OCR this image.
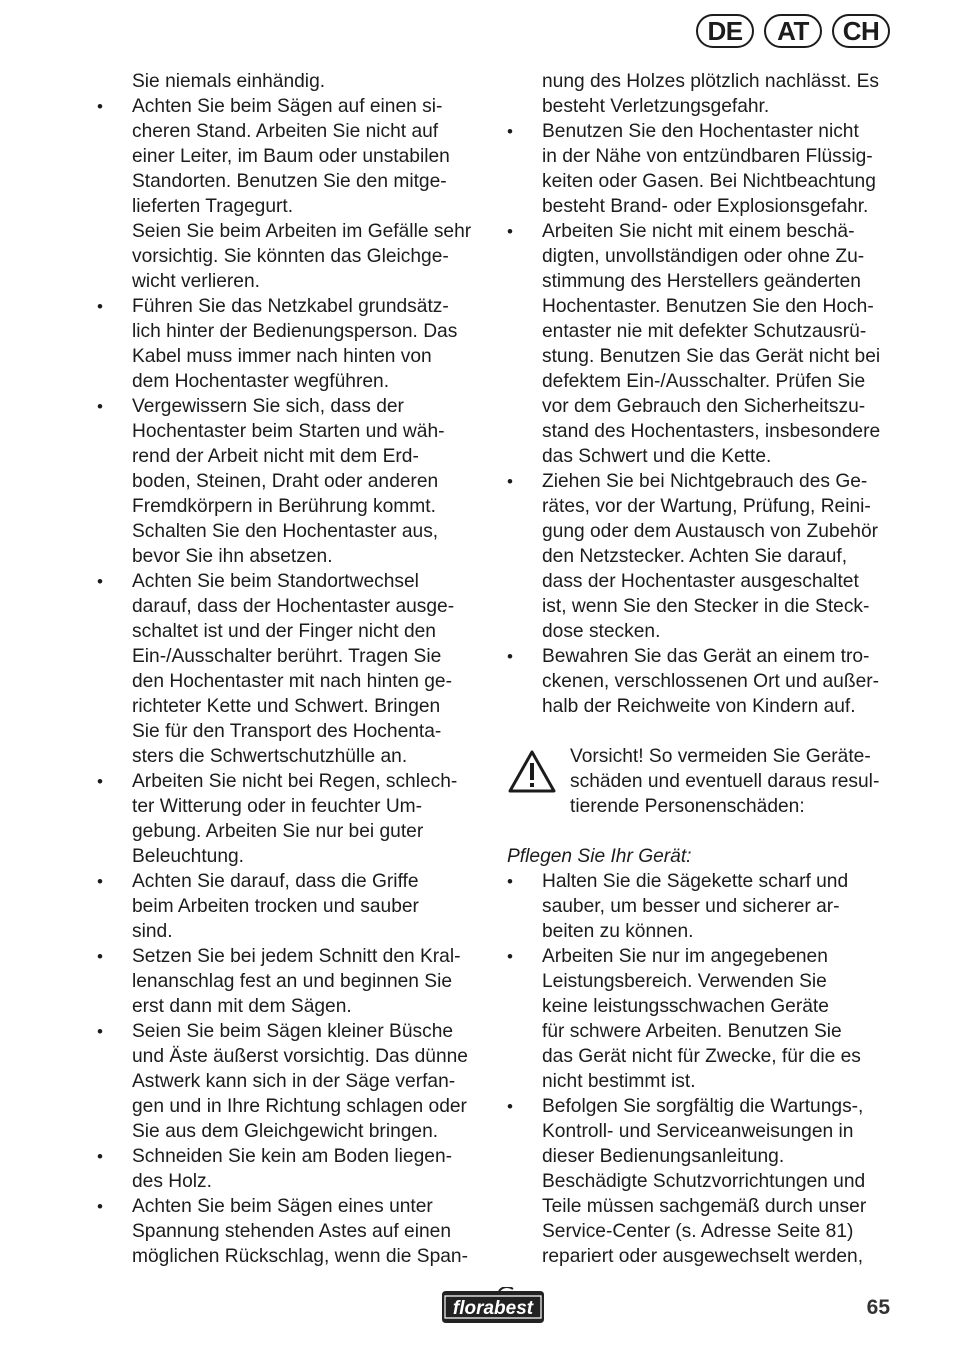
DE	AT	CH
Sie niemals einhändig.
• Achten Sie beim Sägen auf einen si-
cheren Stand. Arbeiten Sie nicht auf
einer Leiter, im Baum oder unstabilen
Standorten. Benutzen Sie den mitge-
lieferten Tragegurt.
Seien Sie beim Arbeiten im Gefälle sehr
vorsichtig. Sie könnten das Gleichge-
wicht verlieren.
• Führen Sie das Netzkabel grundsätz-
lich hinter der Bedienungsperson. Das
Kabel muss immer nach hinten von
dem Hochentaster wegführen.
• Vergewissern Sie sich, dass der
Hochentaster beim Starten und wäh-
rend der Arbeit nicht mit dem Erd-
boden, Steinen, Draht oder anderen
Fremdkörpern in Berührung kommt.
Schalten Sie den Hochentaster aus,
bevor Sie ihn absetzen.
• Achten Sie beim Standortwechsel
darauf, dass der Hochentaster ausge-
schaltet ist und der Finger nicht den
Ein-/Ausschalter berührt. Tragen Sie
den Hochentaster mit nach hinten ge-
richteter Kette und Schwert. Bringen
Sie für den Transport des Hochenta-
sters die Schwertschutzhülle an.
• Arbeiten Sie nicht bei Regen, schlech-
ter Witterung oder in feuchter Um-
gebung. Arbeiten Sie nur bei guter
Beleuchtung.
• Achten Sie darauf, dass die Griffe
beim Arbeiten trocken und sauber
sind.
• Setzen Sie bei jedem Schnitt den Kral-
lenanschlag fest an und beginnen Sie
erst dann mit dem Sägen.
• Seien Sie beim Sägen kleiner Büsche
und Äste äußerst vorsichtig. Das dünne
Astwerk kann sich in der Säge verfan-
gen und in Ihre Richtung schlagen oder
Sie aus dem Gleichgewicht bringen.
• Schneiden Sie kein am Boden liegen-
des Holz.
• Achten Sie beim Sägen eines unter
Spannung stehenden Astes auf einen
möglichen Rückschlag, wenn die Span-
nung des Holzes plötzlich nachlässt. Es
besteht Verletzungsgefahr.
• Benutzen Sie den Hochentaster nicht
in der Nähe von entzündbaren Flüssig-
keiten oder Gasen. Bei Nichtbeachtung
besteht Brand- oder Explosionsgefahr.
• Arbeiten Sie nicht mit einem beschä-
digten, unvollständigen oder ohne Zu-
stimmung des Herstellers geänderten
Hochentaster. Benutzen Sie den Hoch-
entaster nie mit defekter Schutzausrü-
stung. Benutzen Sie das Gerät nicht bei
defektem Ein-/Ausschalter. Prüfen Sie
vor dem Gebrauch den Sicherheitszu-
stand des Hochentasters, insbesondere
das Schwert und die Kette.
• Ziehen Sie bei Nichtgebrauch des Ge-
rätes, vor der Wartung, Prüfung, Reini-
gung oder dem Austausch von Zubehör
den Netzstecker. Achten Sie darauf,
dass der Hochentaster ausgeschaltet
ist, wenn Sie den Stecker in die Steck-
dose stecken.
• Bewahren Sie das Gerät an einem tro-
ckenen, verschlossenen Ort und außer-
halb der Reichweite von Kindern auf.
Vorsicht! So vermeiden Sie Geräte-
schäden und eventuell daraus resul-
tierende Personenschäden:
Pflegen Sie Ihr Gerät:
• Halten Sie die Sägekette scharf und
sauber, um besser und sicherer ar-
beiten zu können.
• Arbeiten Sie nur im angegebenen
Leistungsbereich. Verwenden Sie
keine leistungsschwachen Geräte
für schwere Arbeiten. Benutzen Sie
das Gerät nicht für Zwecke, für die es
nicht bestimmt ist.
• Befolgen Sie sorgfältig die Wartungs-,
Kontroll- und Serviceanweisungen in
dieser Bedienungsanleitung.
Beschädigte Schutzvorrichtungen und
Teile müssen sachgemäß durch unser
Service-Center (s. Adresse Seite 81)
repariert oder ausgewechselt werden,
florabest	65
